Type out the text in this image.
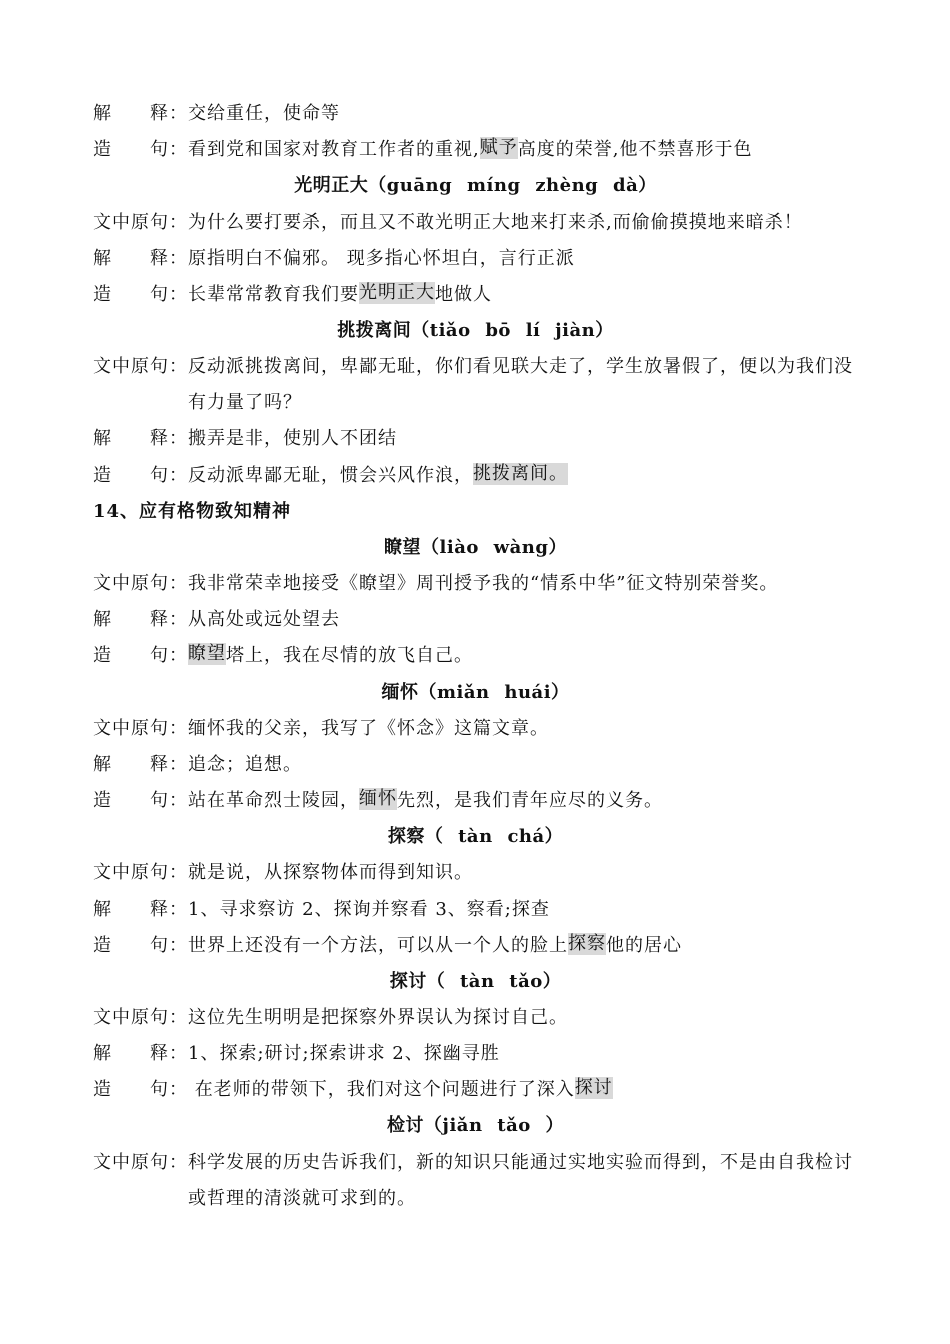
解　　释： 交给重任，使命等
造　　句： 看到党和国家对教育工作者的重视, 赋予 高度的荣誉,他不禁喜形于色
光明正大（guāng míng zhèng dà）
文中原句： 为什么要打要杀，而且又不敢光明正大地来打来杀,而偷偷摸摸地来暗杀！
解　　释： 原指明白不偏邪。 现多指心怀坦白，言行正派
造　　句： 长辈常常教育我们要 光明正大 地做人
挑拨离间（tiǎo bō lí jiàn）
文中原句： 反动派挑拨离间，卑鄙无耻，你们看见联大走了，学生放暑假了，便以为我们没
有力量了吗？
解　　释： 搬弄是非，使别人不团结
造　　句： 反动派卑鄙无耻，惯会兴风作浪， 挑拨离间。
14、应有格物致知精神
瞭望（liào wàng）
文中原句： 我非常荣幸地接受《瞭望》周刊授予我的“情系中华”征文特别荣誉奖。
解　　释： 从高处或远处望去
造　　句： 瞭望 塔上，我在尽情的放飞自己。
缅怀（miǎn huái）
文中原句： 缅怀我的父亲，我写了《怀念》这篇文章。
解　　释： 追念；追想。
造　　句： 站在革命烈士陵园， 缅怀 先烈，是我们青年应尽的义务。
探察（ tàn chá）
文中原句： 就是说，从探察物体而得到知识。
解　　释： 1、寻求察访 2、探询并察看 3、察看;探查
造　　句： 世界上还没有一个方法，可以从一个人的脸上 探察 他的居心
探讨（ tàn tǎo）
文中原句： 这位先生明明是把探察外界误认为探讨自己。
解　　释： 1、探索;研讨;探索讲求 2、探幽寻胜
造　　句： 在老师的带领下，我们对这个问题进行了深入 探讨
检讨（jiǎn tǎo ）
文中原句： 科学发展的历史告诉我们，新的知识只能通过实地实验而得到，不是由自我检讨
或哲理的清淡就可求到的。
